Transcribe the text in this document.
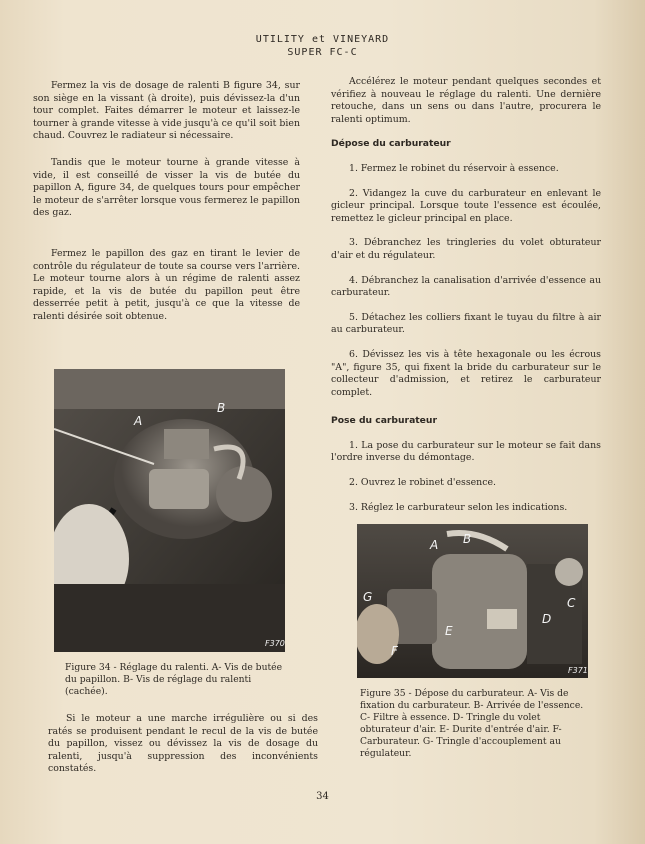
UTILITY et VINEYARD
SUPER FC-C

Fermez la vis de dosage de ralenti B figure 34, sur son siège en la vissant (à droite), puis dévissez-la d'un tour complet. Faites démarrer le moteur et laissez-le tourner à grande vitesse à vide jusqu'à ce qu'il soit bien chaud. Couvrez le radiateur si nécessaire.

Tandis que le moteur tourne à grande vitesse à vide, il est conseillé de visser la vis de butée du papillon A, figure 34, de quelques tours pour empêcher le moteur de s'arrêter lorsque vous fermerez le papillon des gaz.

Fermez le papillon des gaz en tirant le levier de contrôle du régulateur de toute sa course vers l'arrière. Le moteur tourne alors à un régime de ralenti assez rapide, et la vis de butée du papillon peut être desserrée petit à petit, jusqu'à ce que la vitesse de ralenti désirée soit obtenue.

A
B
F370
Figure 34 - Réglage du ralenti. A- Vis de butée du papillon. B- Vis de réglage du ralenti (cachée).

Si le moteur a une marche irrégulière ou si des ratés se produisent pendant le recul de la vis de butée du papillon, vissez ou dévissez la vis de dosage du ralenti, jusqu'à suppression des inconvénients constatés.

Accélérez le moteur pendant quelques secondes et vérifiez à nouveau le réglage du ralenti. Une dernière retouche, dans un sens ou dans l'autre, procurera le ralenti optimum.

Dépose du carburateur

1. Fermez le robinet du réservoir à essence.

2. Vidangez la cuve du carburateur en enlevant le gicleur principal. Lorsque toute l'essence est écoulée, remettez le gicleur principal en place.

3. Débranchez les tringleries du volet obturateur d'air et du régulateur.

4. Débranchez la canalisation d'arrivée d'essence au carburateur.

5. Détachez les colliers fixant le tuyau du filtre à air au carburateur.

6. Dévissez les vis à tête hexagonale ou les écrous "A", figure 35, qui fixent la bride du carburateur sur le collecteur d'admission, et retirez le carburateur complet.

Pose du carburateur

1. La pose du carburateur sur le moteur se fait dans l'ordre inverse du démontage.

2. Ouvrez le robinet d'essence.

3. Réglez le carburateur selon les indications.

A B
C
D
E
F
G
F371
Figure 35 - Dépose du carburateur. A- Vis de fixation du carburateur. B- Arrivée de l'essence. C- Filtre à essence. D- Tringle du volet obturateur d'air. E- Durite d'entrée d'air. F- Carburateur. G- Tringle d'accouplement au régulateur.
34
